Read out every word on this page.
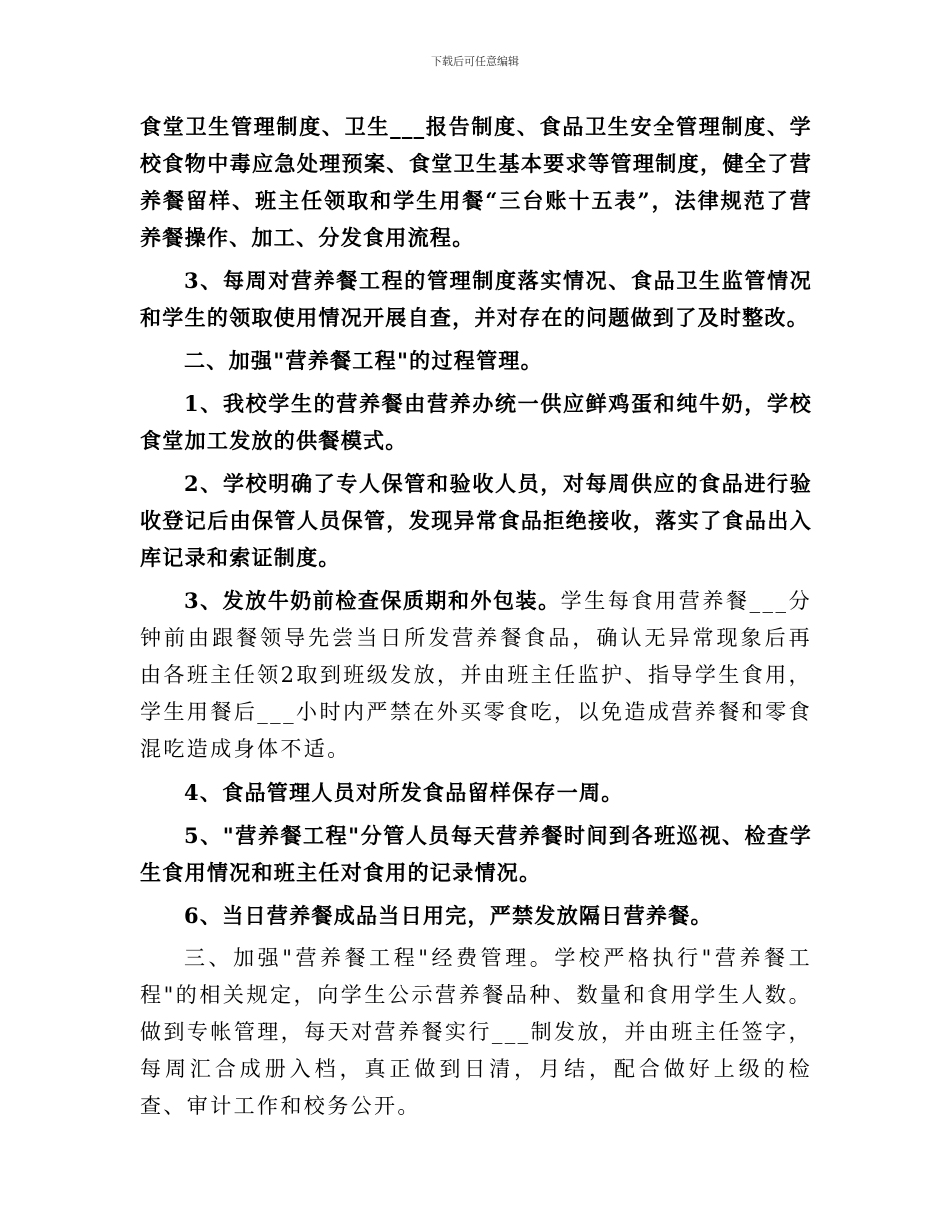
下载后可任意编辑

食堂卫生管理制度、卫生___报告制度、食品卫生安全管理制度、学校食物中毒应急处理预案、食堂卫生基本要求等管理制度，健全了营养餐留样、班主任领取和学生用餐“三台账十五表”，法律规范了营养餐操作、加工、分发食用流程。

3、每周对营养餐工程的管理制度落实情况、食品卫生监管情况和学生的领取使用情况开展自查，并对存在的问题做到了及时整改。

二、加强"营养餐工程"的过程管理。

1、我校学生的营养餐由营养办统一供应鲜鸡蛋和纯牛奶，学校食堂加工发放的供餐模式。

2、学校明确了专人保管和验收人员，对每周供应的食品进行验收登记后由保管人员保管，发现异常食品拒绝接收，落实了食品出入库记录和索证制度。

3、发放牛奶前检查保质期和外包装。学生每食用营养餐___分钟前由跟餐领导先尝当日所发营养餐食品，确认无异常现象后再由各班主任领2取到班级发放，并由班主任监护、指导学生食用，学生用餐后___小时内严禁在外买零食吃，以免造成营养餐和零食混吃造成身体不适。

4、食品管理人员对所发食品留样保存一周。

5、"营养餐工程"分管人员每天营养餐时间到各班巡视、检查学生食用情况和班主任对食用的记录情况。

6、当日营养餐成品当日用完，严禁发放隔日营养餐。

三、加强"营养餐工程"经费管理。学校严格执行"营养餐工程"的相关规定，向学生公示营养餐品种、数量和食用学生人数。做到专帐管理，每天对营养餐实行___制发放，并由班主任签字，每周汇合成册入档，真正做到日清，月结，配合做好上级的检查、审计工作和校务公开。
